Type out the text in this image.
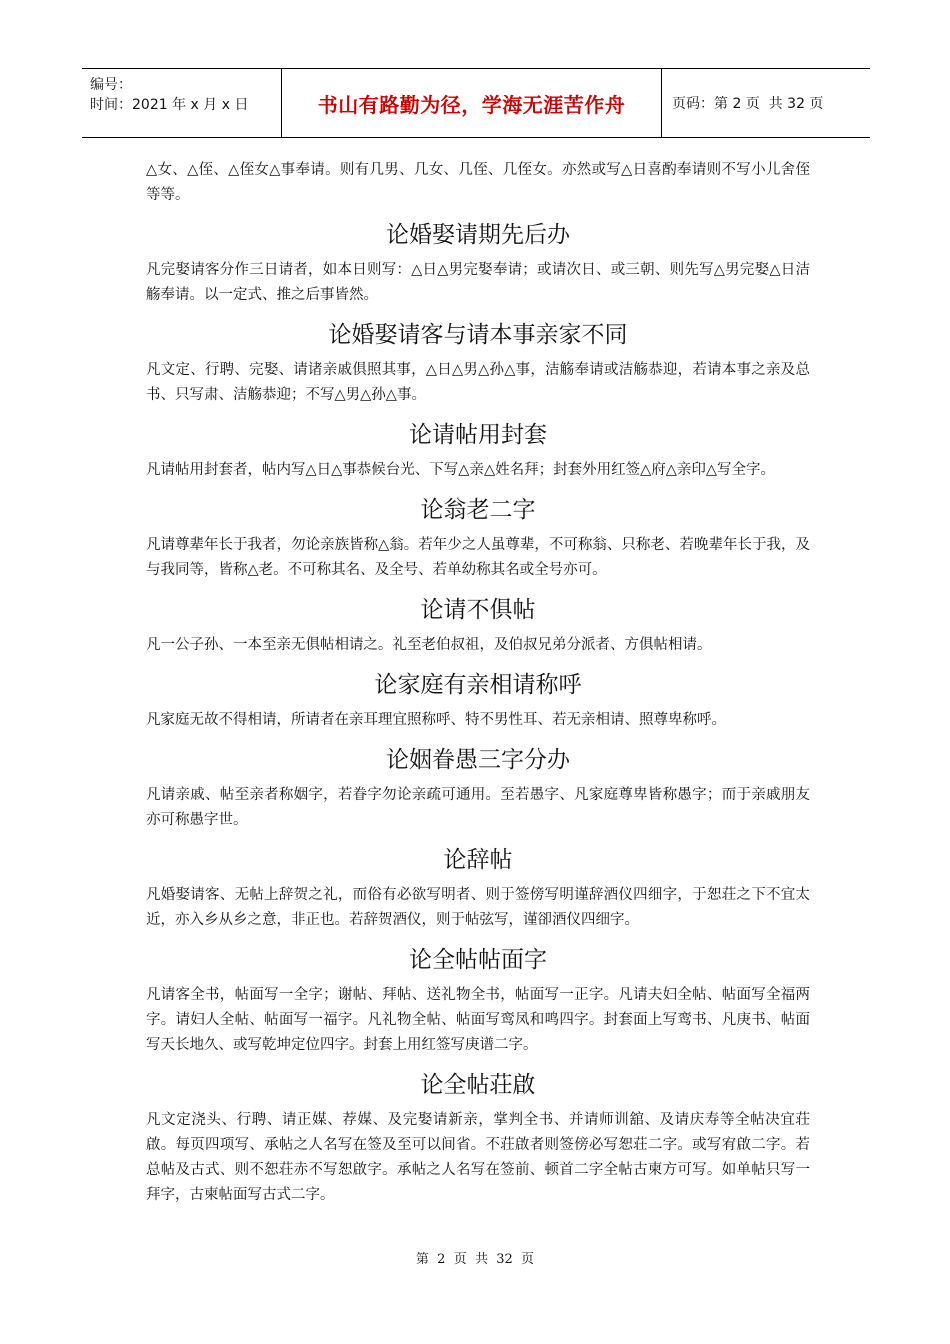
编号：
时间：2021 年 x 月 x 日	书山有路勤为径，学海无涯苦作舟	页码：第 2 页  共 32 页

△女、△侄、△侄女△事奉请。则有几男、几女、几侄、几侄女。亦然或写△日喜酌奉请则不写小儿舍侄等等。

论婚娶请期先后办

凡完娶请客分作三日请者，如本日则写：△日△男完娶奉请；或请次日、或三朝、则先写△男完娶△日洁觞奉请。以一定式、推之后事皆然。

论婚娶请客与请本事亲家不同

凡文定、行聘、完娶、请诸亲戚俱照其事，△日△男△孙△事，洁觞奉请或洁觞恭迎，若请本事之亲及总书、只写肃、洁觞恭迎；不写△男△孙△事。

论请帖用封套

凡请帖用封套者，帖内写△日△事恭候台光、下写△亲△姓名拜；封套外用红签△府△亲印△写全字。

论翁老二字

凡请尊辈年长于我者，勿论亲族皆称△翁。若年少之人虽尊辈，不可称翁、只称老、若晚辈年长于我，及与我同等，皆称△老。不可称其名、及全号、若单幼称其名或全号亦可。

论请不俱帖

凡一公子孙、一本至亲无俱帖相请之。礼至老伯叔祖，及伯叔兄弟分派者、方俱帖相请。

论家庭有亲相请称呼

凡家庭无故不得相请，所请者在亲耳理宜照称呼、特不男性耳、若无亲相请、照尊卑称呼。

论姻眷愚三字分办

凡请亲戚、帖至亲者称姻字，若眷字勿论亲疏可通用。至若愚字、凡家庭尊卑皆称愚字；而于亲戚朋友亦可称愚字世。

论辞帖

凡婚娶请客、无帖上辞贺之礼，而俗有必欲写明者、则于签傍写明谨辞酒仪四细字，于恕荘之下不宜太近，亦入乡从乡之意，非正也。若辞贺酒仪，则于帖弦写，谨卻酒仪四细字。

论全帖帖面字

凡请客全书，帖面写一全字；谢帖、拜帖、送礼物全书，帖面写一正字。凡请夫妇全帖、帖面写全福两字。请妇人全帖、帖面写一福字。凡礼物全帖、帖面写鸾凤和鸣四字。封套面上写鸾书、凡庚书、帖面写天长地久、或写乾坤定位四字。封套上用红签写庚谱二字。

论全帖荘啟

凡文定浇头、行聘、请正媒、荐媒、及完娶请新亲，掌判全书、并请师训舘、及请庆寿等全帖决宜荘啟。每页四项写、承帖之人名写在签及至可以间省。不荘啟者则签傍必写恕荘二字。或写宥啟二字。若总帖及古式、则不恕荘赤不写恕啟字。承帖之人名写在签前、顿首二字全帖古柬方可写。如单帖只写一拜字，古柬帖面写古式二字。

第  2  页  共  32  页
